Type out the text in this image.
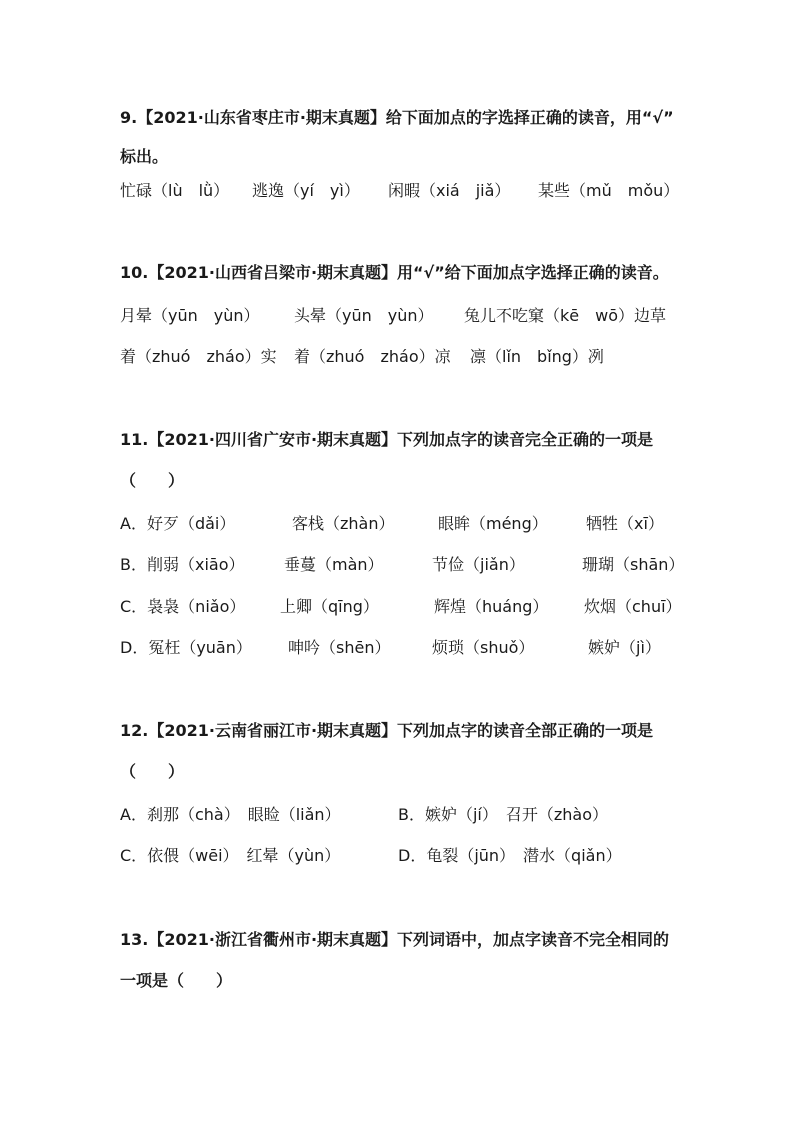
9.【2021·山东省枣庄市·期末真题】给下面加点的字选择正确的读音，用“√”
标出。
忙碌（lù　lǜ） 逃逸（yí　yì） 闲暇（xiá　jiǎ） 某些（mǔ　mǒu）
10.【2021·山西省吕梁市·期末真题】用“√”给下面加点字选择正确的读音。
月晕（yūn　yùn） 头晕（yūn　yùn） 兔儿不吃窠（kē　wō）边草
着（zhuó　zháo）实 着（zhuó　zháo）凉 凛（lǐn　bǐng）冽
11.【2021·四川省广安市·期末真题】下列加点字的读音完全正确的一项是
（　　）
A．好歹（dǎi）	客栈（zhàn）	眼眸（méng） 牺牲（xī）
B．削弱（xiāo） 垂蔓（màn）	节俭（jiǎn）	珊瑚（shān）
C．袅袅（niǎo） 上卿（qīng）	辉煌（huáng） 炊烟（chuī）
D．冤枉（yuān） 呻吟（shēn）	烦琐（shuǒ）	嫉妒（jì）
12.【2021·云南省丽江市·期末真题】下列加点字的读音全部正确的一项是
（　　）
A．刹那（chà）　眼睑（liǎn）	B．嫉妒（jí）　召开（zhào）
C．依偎（wēi）　红晕（yùn）	D．龟裂（jūn）　潜水（qiǎn）
13.【2021·浙江省衢州市·期末真题】下列词语中，加点字读音不完全相同的
一项是（　　）
